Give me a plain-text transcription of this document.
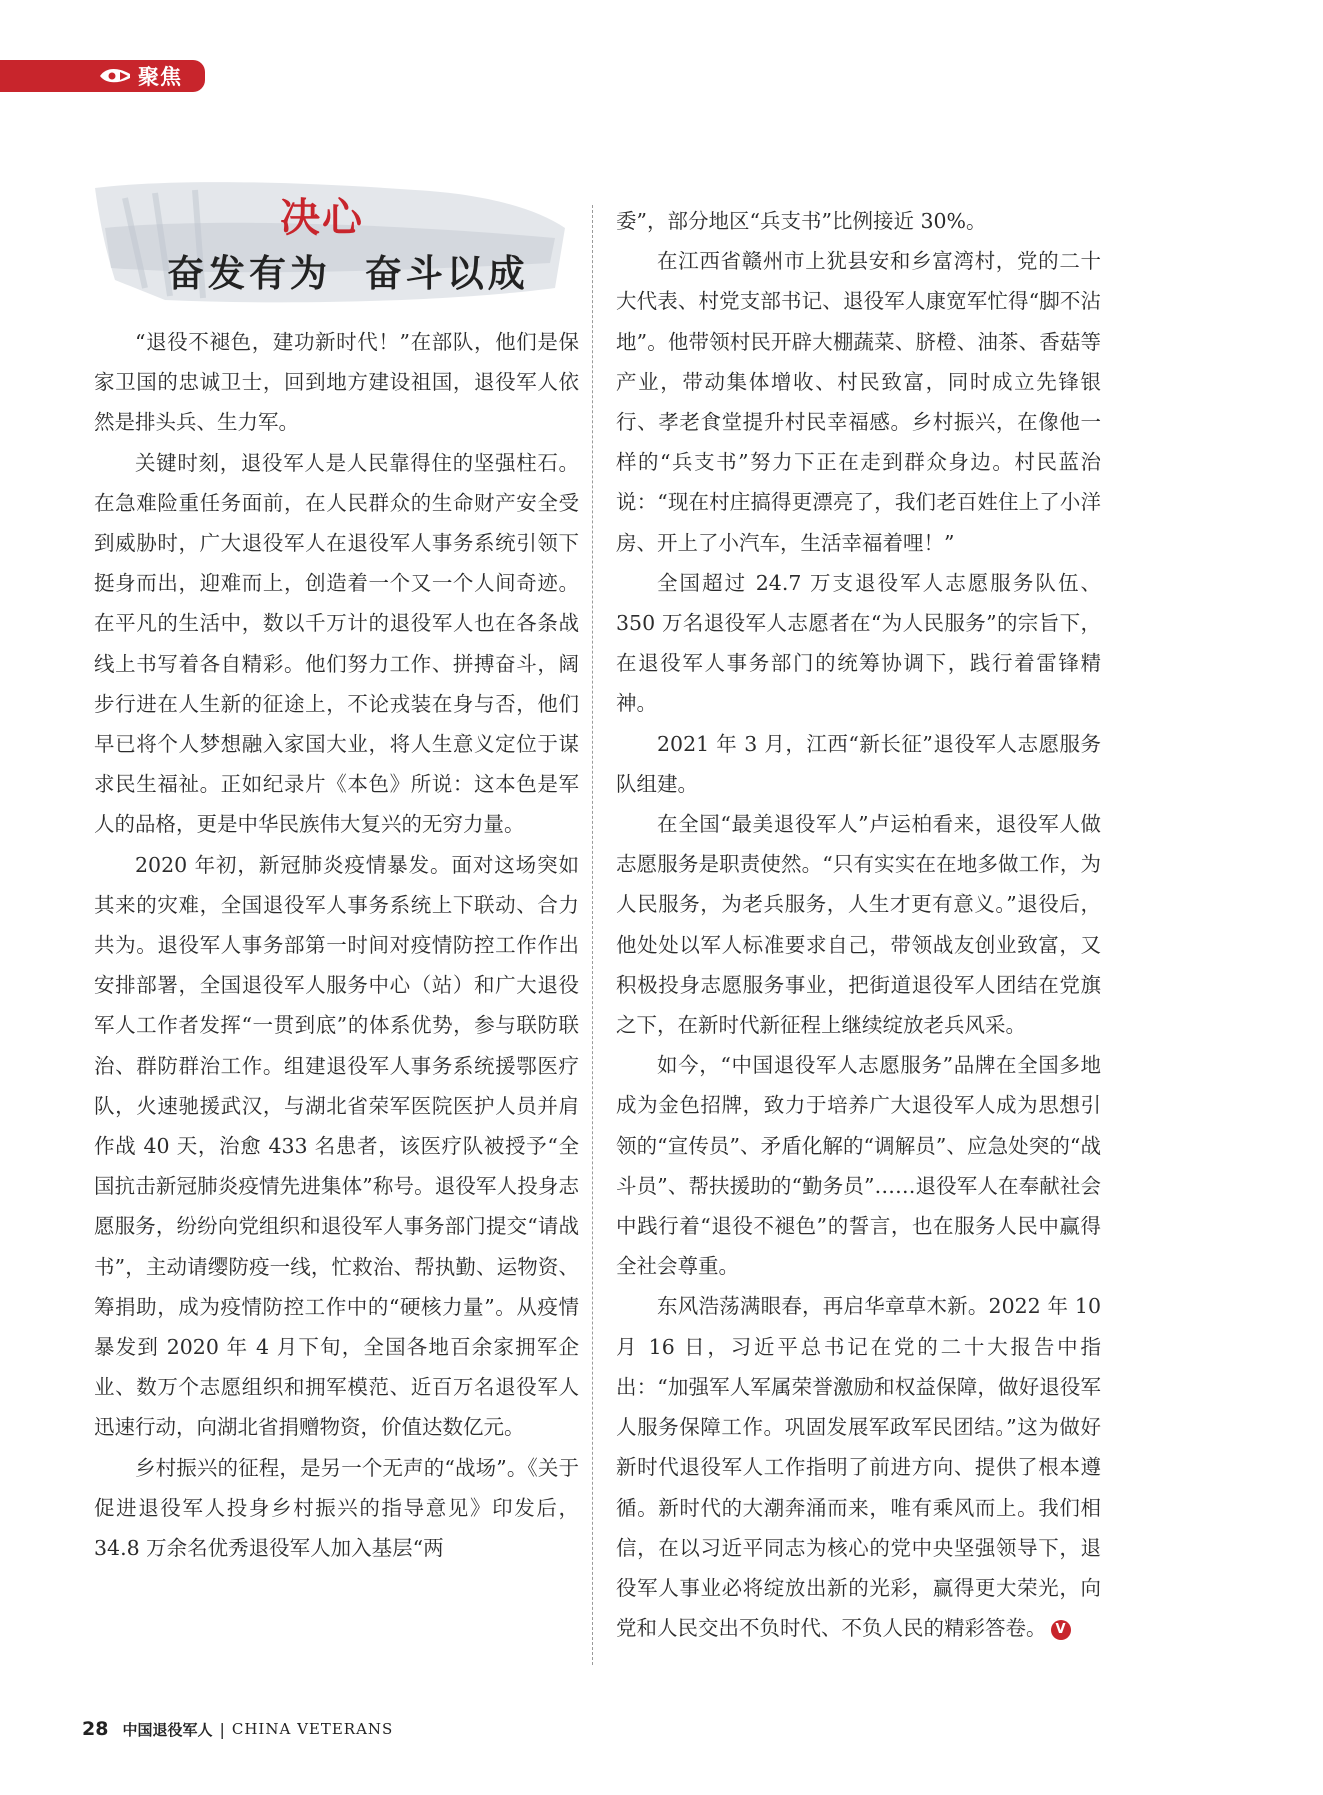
聚焦
决心
奋发有为  奋斗以成

“退役不褪色，建功新时代！”在部队，他们是保家卫国的忠诚卫士，回到地方建设祖国，退役军人依然是排头兵、生力军。

关键时刻，退役军人是人民靠得住的坚强柱石。在急难险重任务面前，在人民群众的生命财产安全受到威胁时，广大退役军人在退役军人事务系统引领下挺身而出，迎难而上，创造着一个又一个人间奇迹。在平凡的生活中，数以千万计的退役军人也在各条战线上书写着各自精彩。他们努力工作、拼搏奋斗，阔步行进在人生新的征途上，不论戎装在身与否，他们早已将个人梦想融入家国大业，将人生意义定位于谋求民生福祉。正如纪录片《本色》所说：这本色是军人的品格，更是中华民族伟大复兴的无穷力量。

2020 年初，新冠肺炎疫情暴发。面对这场突如其来的灾难，全国退役军人事务系统上下联动、合力共为。退役军人事务部第一时间对疫情防控工作作出安排部署，全国退役军人服务中心（站）和广大退役军人工作者发挥“一贯到底”的体系优势，参与联防联治、群防群治工作。组建退役军人事务系统援鄂医疗队，火速驰援武汉，与湖北省荣军医院医护人员并肩作战 40 天，治愈 433 名患者，该医疗队被授予“全国抗击新冠肺炎疫情先进集体”称号。退役军人投身志愿服务，纷纷向党组织和退役军人事务部门提交“请战书”，主动请缨防疫一线，忙救治、帮执勤、运物资、筹捐助，成为疫情防控工作中的“硬核力量”。从疫情暴发到 2020 年 4 月下旬，全国各地百余家拥军企业、数万个志愿组织和拥军模范、近百万名退役军人迅速行动，向湖北省捐赠物资，价值达数亿元。

乡村振兴的征程，是另一个无声的“战场”。《关于促进退役军人投身乡村振兴的指导意见》印发后，34.8 万余名优秀退役军人加入基层“两

委”，部分地区“兵支书”比例接近 30%。

在江西省赣州市上犹县安和乡富湾村，党的二十大代表、村党支部书记、退役军人康宽军忙得“脚不沾地”。他带领村民开辟大棚蔬菜、脐橙、油茶、香菇等产业，带动集体增收、村民致富，同时成立先锋银行、孝老食堂提升村民幸福感。乡村振兴，在像他一样的“兵支书”努力下正在走到群众身边。村民蓝治说：“现在村庄搞得更漂亮了，我们老百姓住上了小洋房、开上了小汽车，生活幸福着哩！”

全国超过 24.7 万支退役军人志愿服务队伍、350 万名退役军人志愿者在“为人民服务”的宗旨下，在退役军人事务部门的统筹协调下，践行着雷锋精神。

2021 年 3 月，江西“新长征”退役军人志愿服务队组建。

在全国“最美退役军人”卢运柏看来，退役军人做志愿服务是职责使然。“只有实实在在地多做工作，为人民服务，为老兵服务，人生才更有意义。”退役后，他处处以军人标准要求自己，带领战友创业致富，又积极投身志愿服务事业，把街道退役军人团结在党旗之下，在新时代新征程上继续绽放老兵风采。

如今，“中国退役军人志愿服务”品牌在全国多地成为金色招牌，致力于培养广大退役军人成为思想引领的“宣传员”、矛盾化解的“调解员”、应急处突的“战斗员”、帮扶援助的“勤务员”……退役军人在奉献社会中践行着“退役不褪色”的誓言，也在服务人民中赢得全社会尊重。

东风浩荡满眼春，再启华章草木新。2022 年 10 月 16 日，习近平总书记在党的二十大报告中指出：“加强军人军属荣誉激励和权益保障，做好退役军人服务保障工作。巩固发展军政军民团结。”这为做好新时代退役军人工作指明了前进方向、提供了根本遵循。新时代的大潮奔涌而来，唯有乘风而上。我们相信，在以习近平同志为核心的党中央坚强领导下，退役军人事业必将绽放出新的光彩，赢得更大荣光，向党和人民交出不负时代、不负人民的精彩答卷。 V

28 中国退役军人 | CHINA VETERANS
